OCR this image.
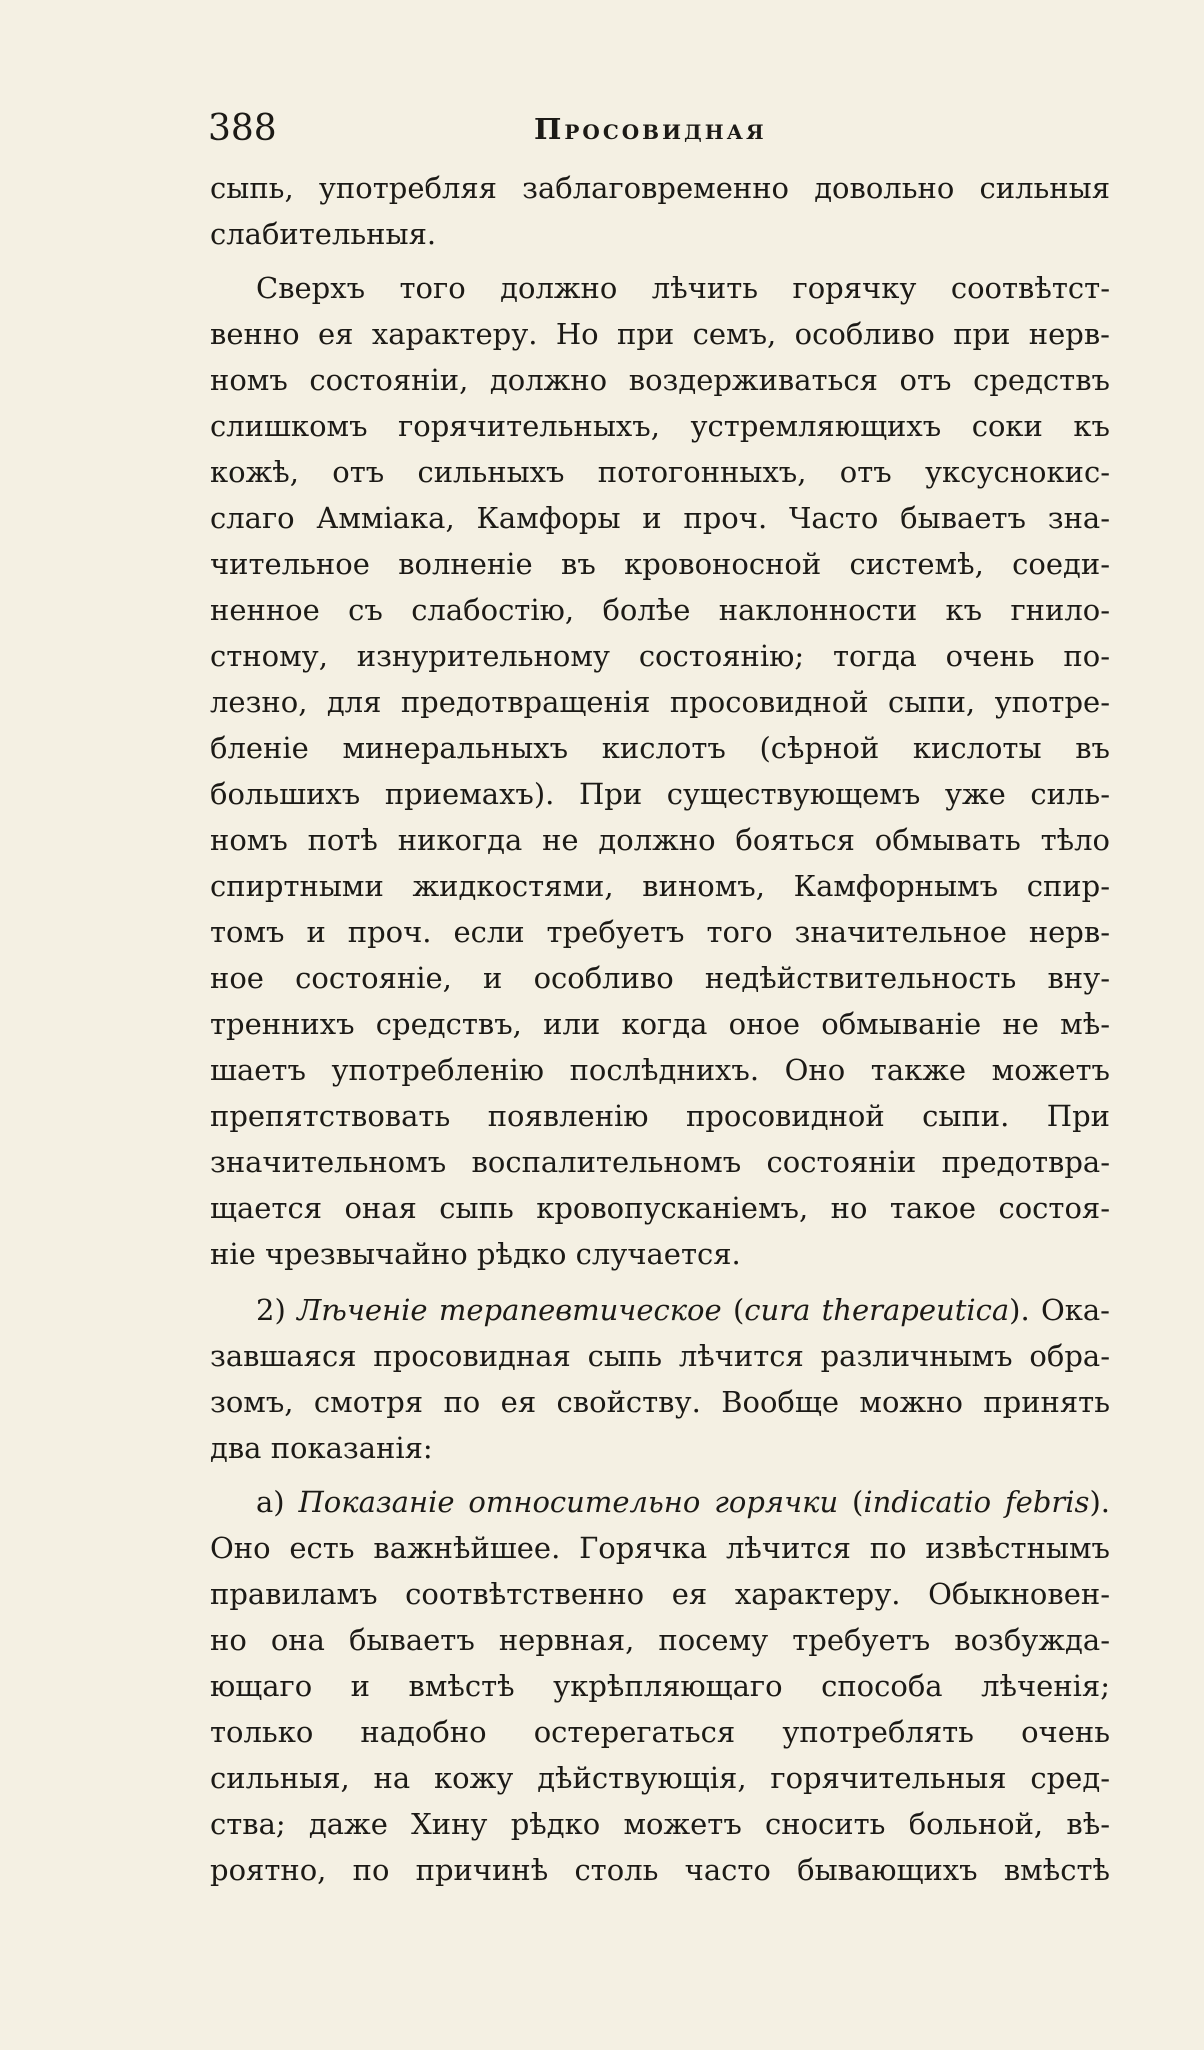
388	Просовидная
сыпь, употребляя заблаговременно довольно сильныя
слабительныя.
Сверхъ того должно лѣчить горячку соотвѣтст-
венно ея характеру. Но при семъ, особливо при нерв-
номъ состояніи, должно воздерживаться отъ средствъ
слишкомъ горячительныхъ, устремляющихъ соки къ
кожѣ, отъ сильныхъ потогонныхъ, отъ уксуснокис-
слаго Аммiака, Камфоры и проч. Часто бываетъ зна-
чительное волненіе въ кровоносной системѣ, соеди-
ненное съ слабостію, болѣе наклонности къ гнило-
стному, изнурительному состоянію; тогда очень по-
лезно, для предотвращенія просовидной сыпи, употре-
бленіе минеральныхъ кислотъ (сѣрной кислоты въ
большихъ приемахъ). При существующемъ уже силь-
номъ потѣ никогда не должно бояться обмывать тѣло
спиртными жидкостями, виномъ, Камфорнымъ спир-
томъ и проч. если требуетъ того значительное нерв-
ное состояніе, и особливо недѣйствительность вну-
треннихъ средствъ, или когда оное обмываніе не мѣ-
шаетъ употребленію послѣднихъ. Оно также можетъ
препятствовать появленію просовидной сыпи. При
значительномъ воспалительномъ состояніи предотвра-
щается оная сыпь кровопусканіемъ, но такое состоя-
ніе чрезвычайно рѣдко случается.
2) Лѣченіе терапевтическое (cura therapeutica). Ока-
завшаяся просовидная сыпь лѣчится различнымъ обра-
зомъ, смотря по ея свойству. Вообще можно принять
два показанія:
а) Показаніе относительно горячки (indicatio febris).
Оно есть важнѣйшее. Горячка лѣчится по извѣстнымъ
правиламъ соотвѣтственно ея характеру. Обыкновен-
но она бываетъ нервная, посему требуетъ возбужда-
ющаго и вмѣстѣ укрѣпляющаго способа лѣченія;
только надобно остерегаться употреблять очень
сильныя, на кожу дѣйствующія, горячительныя сред-
ства; даже Хину рѣдко можетъ сносить больной, вѣ-
роятно, по причинѣ столь часто бывающихъ вмѣстѣ
